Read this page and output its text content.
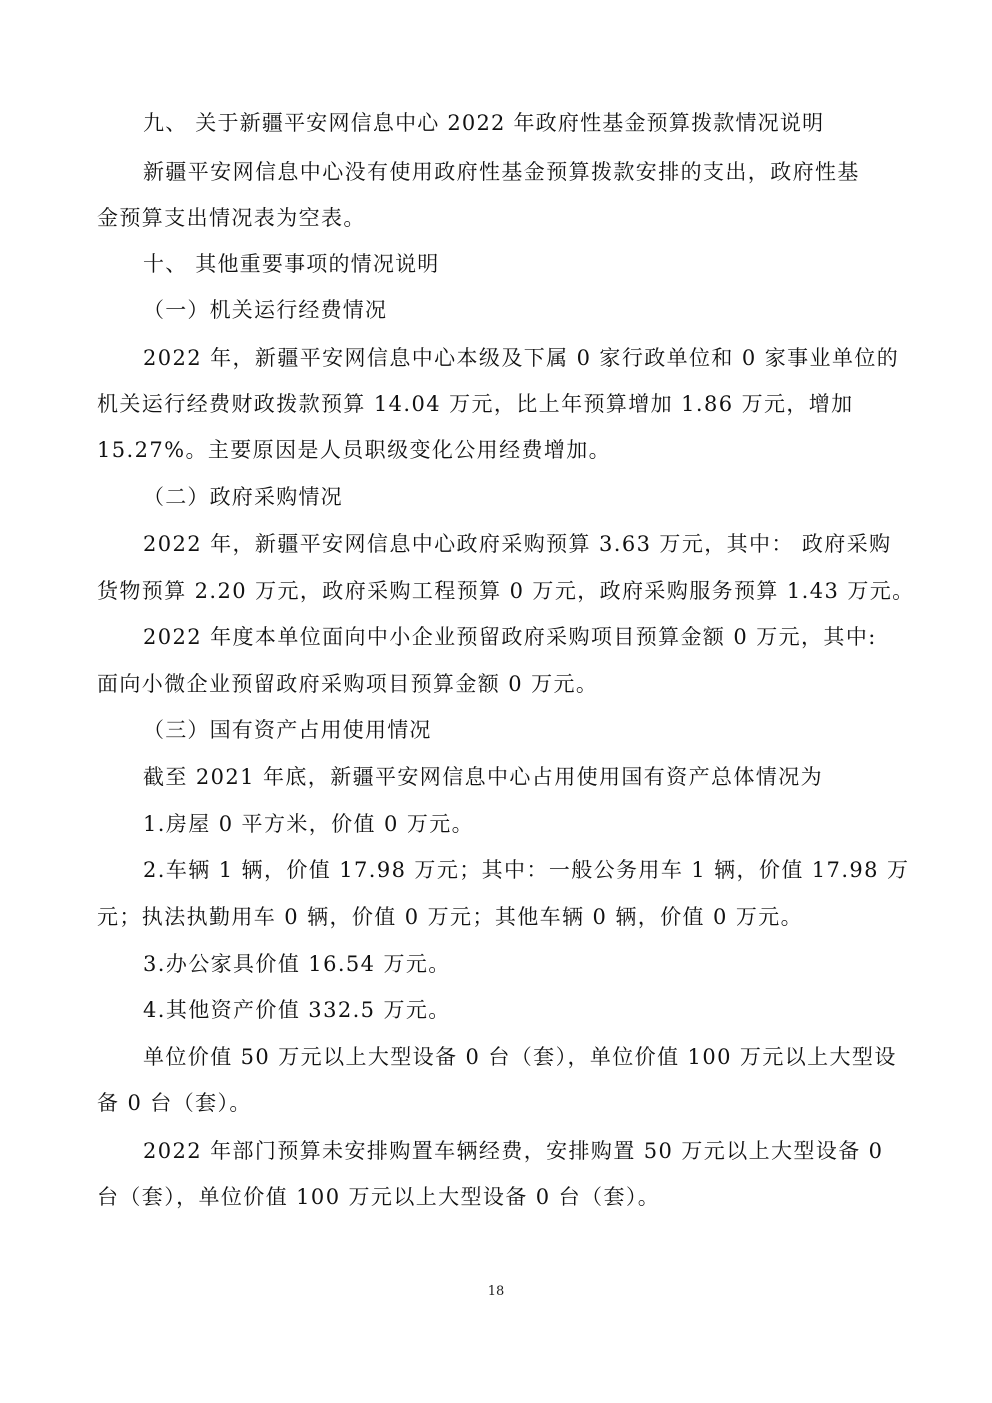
九、 关于新疆平安网信息中心 2022 年政府性基金预算拨款情况说明
新疆平安网信息中心没有使用政府性基金预算拨款安排的支出，政府性基
金预算支出情况表为空表。
十、 其他重要事项的情况说明
（一）机关运行经费情况
2022 年，新疆平安网信息中心本级及下属 0 家行政单位和 0 家事业单位的
机关运行经费财政拨款预算 14.04 万元，比上年预算增加 1.86 万元，增加
15.27%。主要原因是人员职级变化公用经费增加。
（二）政府采购情况
2022 年，新疆平安网信息中心政府采购预算 3.63 万元，其中： 政府采购
货物预算 2.20 万元，政府采购工程预算 0 万元，政府采购服务预算 1.43 万元。
2022 年度本单位面向中小企业预留政府采购项目预算金额 0 万元，其中:
面向小微企业预留政府采购项目预算金额 0 万元。
（三）国有资产占用使用情况
截至 2021 年底，新疆平安网信息中心占用使用国有资产总体情况为
1.房屋 0 平方米，价值 0 万元。
2.车辆 1 辆，价值 17.98 万元；其中：一般公务用车 1 辆，价值 17.98 万
元；执法执勤用车 0 辆，价值 0 万元；其他车辆 0 辆，价值 0 万元。
3.办公家具价值 16.54 万元。
4.其他资产价值 332.5 万元。
单位价值 50 万元以上大型设备 0 台（套），单位价值 100 万元以上大型设
备 0 台（套）。
2022 年部门预算未安排购置车辆经费，安排购置 50 万元以上大型设备 0
台（套），单位价值 100 万元以上大型设备 0 台（套）。
18
